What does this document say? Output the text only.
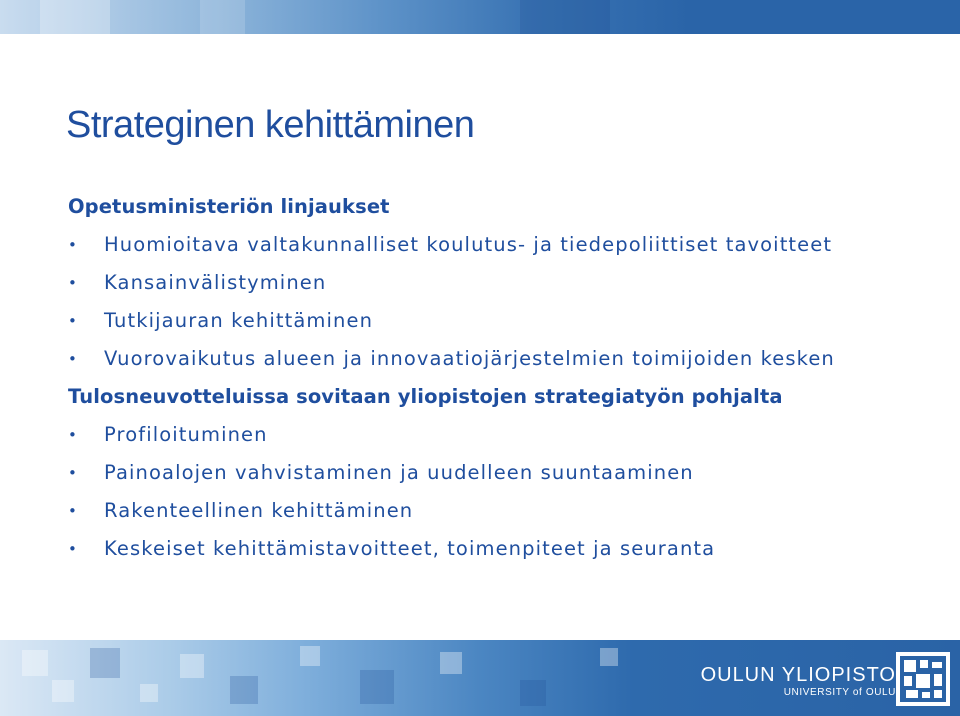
Strateginen kehittäminen
Opetusministeriön linjaukset
• Huomioitava valtakunnalliset koulutus- ja tiedepoliittiset tavoitteet
• Kansainvälistyminen
• Tutkijauran kehittäminen
• Vuorovaikutus alueen ja innovaatiojärjestelmien toimijoiden kesken
Tulosneuvotteluissa sovitaan yliopistojen strategiatyön pohjalta
• Profiloituminen
• Painoalojen vahvistaminen ja uudelleen suuntaaminen
• Rakenteellinen kehittäminen
• Keskeiset kehittämistavoitteet, toimenpiteet ja seuranta
OULUN YLIOPISTO
UNIVERSITY of OULU
